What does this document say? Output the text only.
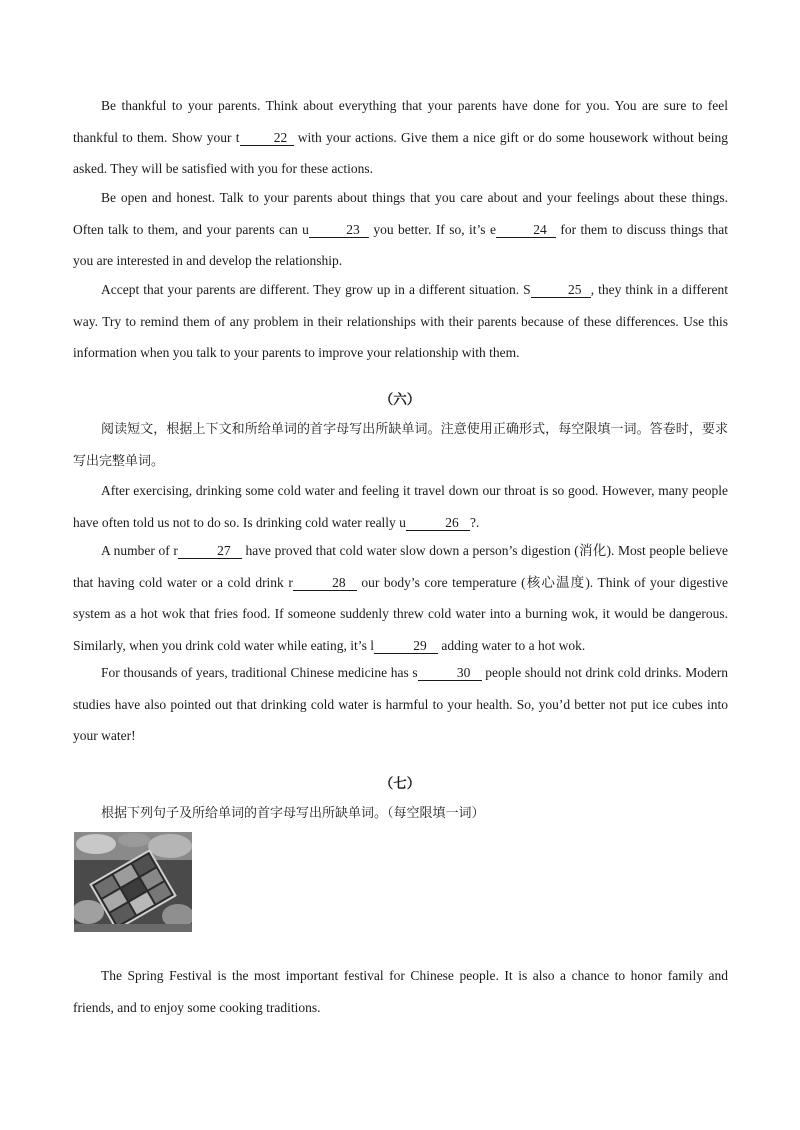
Be thankful to your parents. Think about everything that your parents have done for you. You are sure to feel thankful to them. Show your t	22 with your actions. Give them a nice gift or do some housework without being asked. They will be satisfied with you for these actions.

Be open and honest. Talk to your parents about things that you care about and your feelings about these things. Often talk to them, and your parents can u	23 you better. If so, it’s e	24 for them to discuss things that you are interested in and develop the relationship.

Accept that your parents are different. They grow up in a different situation. S	25 , they think in a different way. Try to remind them of any problem in their relationships with their parents because of these differences. Use this information when you talk to your parents to improve your relationship with them.

（六）

阅读短文，根据上下文和所给单词的首字母写出所缺单词。注意使用正确形式，每空限填一词。答卷时，要求写出完整单词。

After exercising, drinking some cold water and feeling it travel down our throat is so good. However, many people have often told us not to do so. Is drinking cold water really u	26 ?.

A number of r	27 have proved that cold water slow down a person’s digestion (消化). Most people believe that having cold water or a cold drink r	28 our body’s core temperature (核心温度). Think of your digestive system as a hot wok that fries food. If someone suddenly threw cold water into a burning wok, it would be dangerous. Similarly, when you drink cold water while eating, it’s l	29 adding water to a hot wok.

For thousands of years, traditional Chinese medicine has s	30 people should not drink cold drinks. Modern studies have also pointed out that drinking cold water is harmful to your health. So, you’d better not put ice cubes into your water!

（七）

根据下列句子及所给单词的首字母写出所缺单词。（每空限填一词）

The Spring Festival is the most important festival for Chinese people. It is also a chance to honor family and friends, and to enjoy some cooking traditions.
